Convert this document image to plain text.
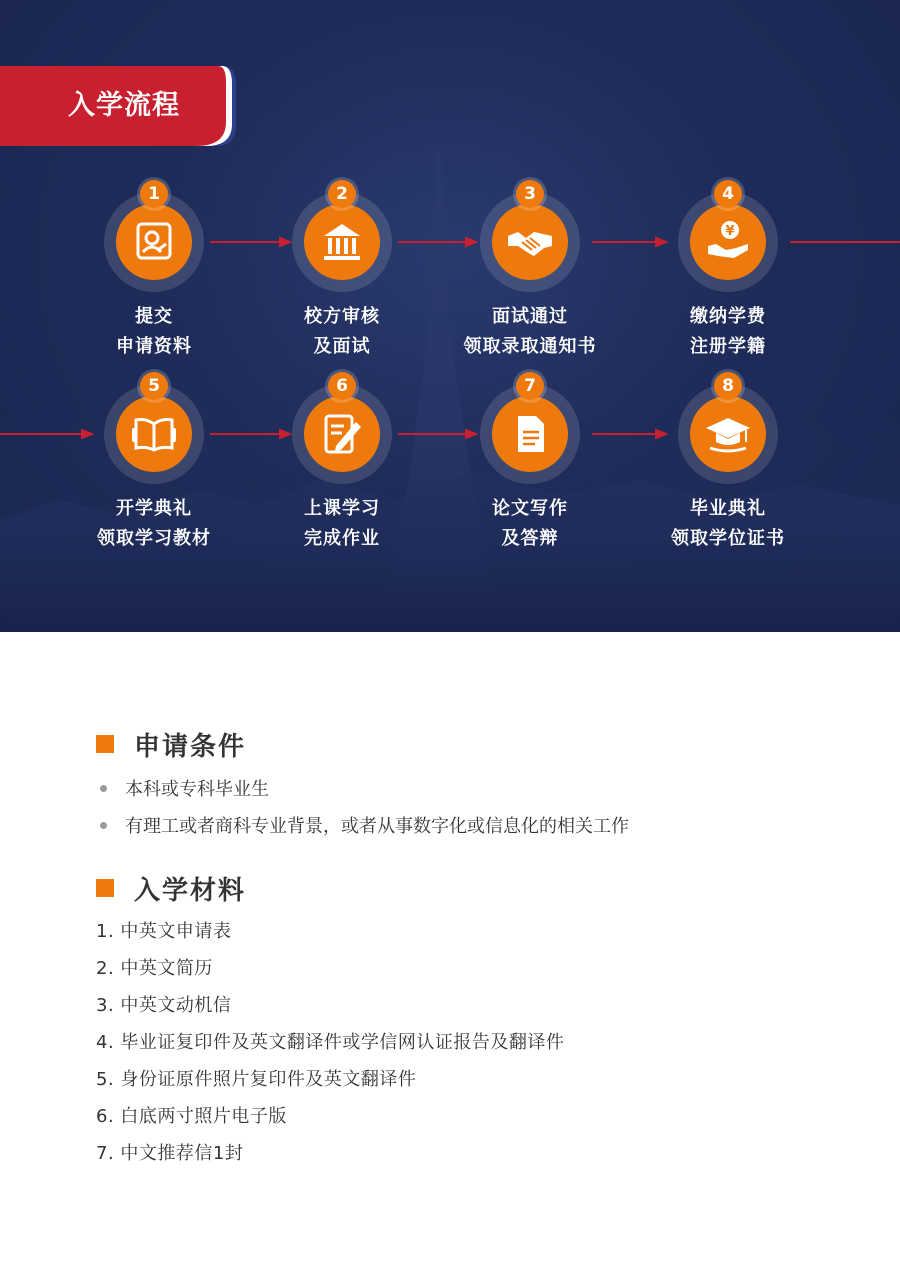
入学流程
1
提交
申请资料
2
校方审核
及面试
3
面试通过
领取录取通知书
4
¥
缴纳学费
注册学籍
5
开学典礼
领取学习教材
6
上课学习
完成作业
7
论文写作
及答辩
8
毕业典礼
领取学位证书
申请条件
本科或专科毕业生
有理工或者商科专业背景，或者从事数字化或信息化的相关工作
入学材料
1. 中英文申请表
2. 中英文简历
3. 中英文动机信
4. 毕业证复印件及英文翻译件或学信网认证报告及翻译件
5. 身份证原件照片复印件及英文翻译件
6. 白底两寸照片电子版
7. 中文推荐信1封
